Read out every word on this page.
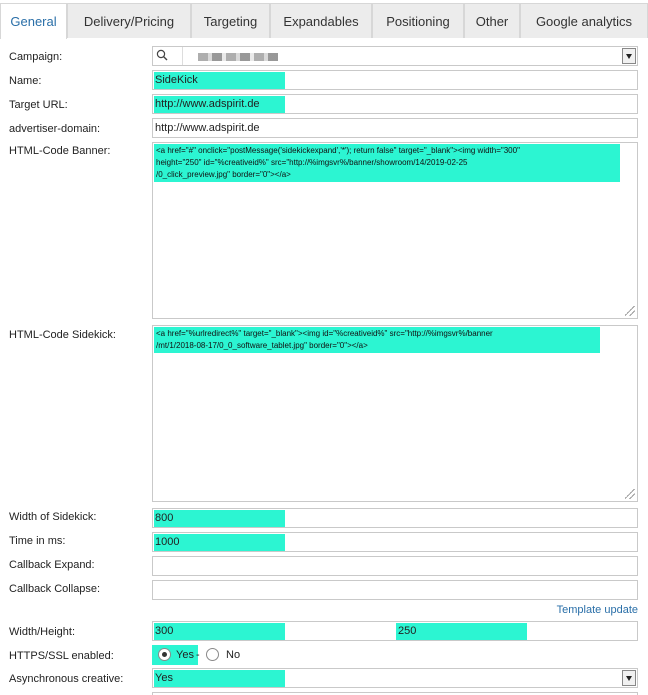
General	Delivery/Pricing	Targeting	Expandables	Positioning	Other	Google analytics
Campaign:
Name:	SideKick
Target URL:	http://www.adspirit.de
advertiser-domain:	http://www.adspirit.de
HTML-Code Banner:	<a href="#" onclick="postMessage('sidekickexpand','*'); return false" target="_blank"><img width="300"
height="250" id="%creativeid%" src="http://%imgsvr%/banner/showroom/14/2019-02-25
/0_click_preview.jpg" border="0"></a>
HTML-Code Sidekick:	<a href="%urlredirect%" target="_blank"><img id="%creativeid%" src="http://%imgsvr%/banner
/mt/1/2018-08-17/0_0_software_tablet.jpg" border="0"></a>
Width of Sidekick:	800
Time in ms:	1000
Callback Expand:
Callback Collapse:
Template update
Width/Height:	300	250
HTTPS/SSL enabled:	Yes - No
Asynchronous creative:	Yes
